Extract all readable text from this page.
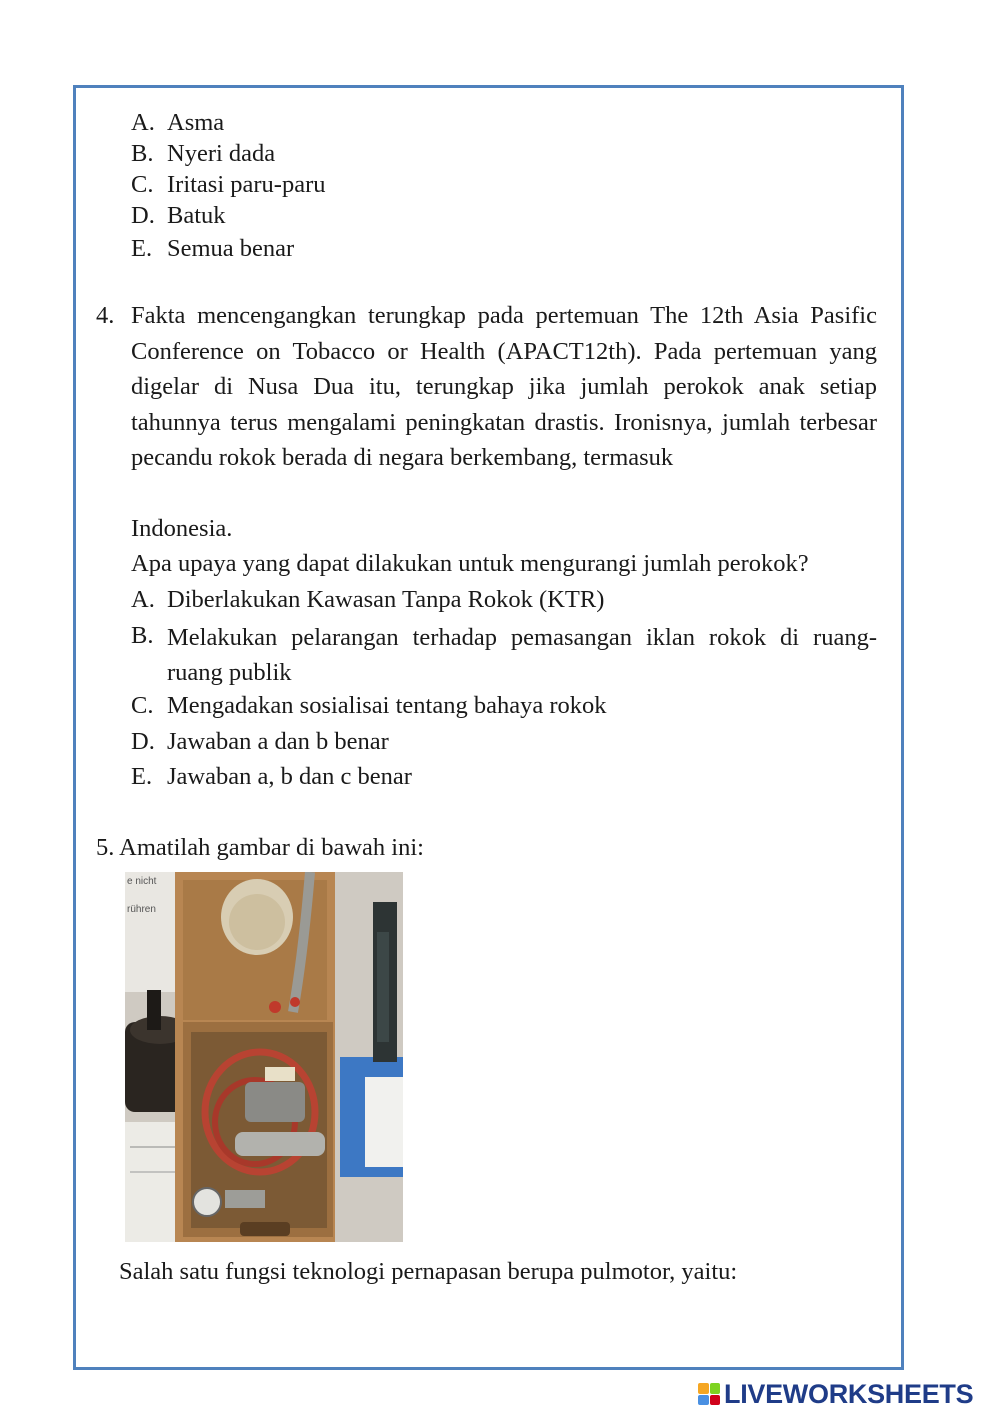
A. Asma
B. Nyeri dada
C. Iritasi paru-paru
D. Batuk
E. Semua benar
4. Fakta mencengangkan terungkap pada pertemuan The 12th Asia Pasific Conference on Tobacco or Health (APACT12th). Pada pertemuan yang digelar di Nusa Dua itu, terungkap jika jumlah perokok anak setiap tahunnya terus mengalami peningkatan drastis. Ironisnya, jumlah terbesar pecandu rokok berada di negara berkembang, termasuk
Indonesia.
Apa upaya yang dapat dilakukan untuk mengurangi jumlah perokok?
A. Diberlakukan Kawasan Tanpa Rokok (KTR)
B. Melakukan pelarangan terhadap pemasangan iklan rokok di ruang-ruang publik
C. Mengadakan sosialisai tentang bahaya rokok
D. Jawaban a dan b benar
E. Jawaban a, b dan c benar
5. Amatilah gambar di bawah ini:
e nicht
rühren
Salah satu fungsi teknologi pernapasan berupa pulmotor, yaitu:
LIVEWORKSHEETS
